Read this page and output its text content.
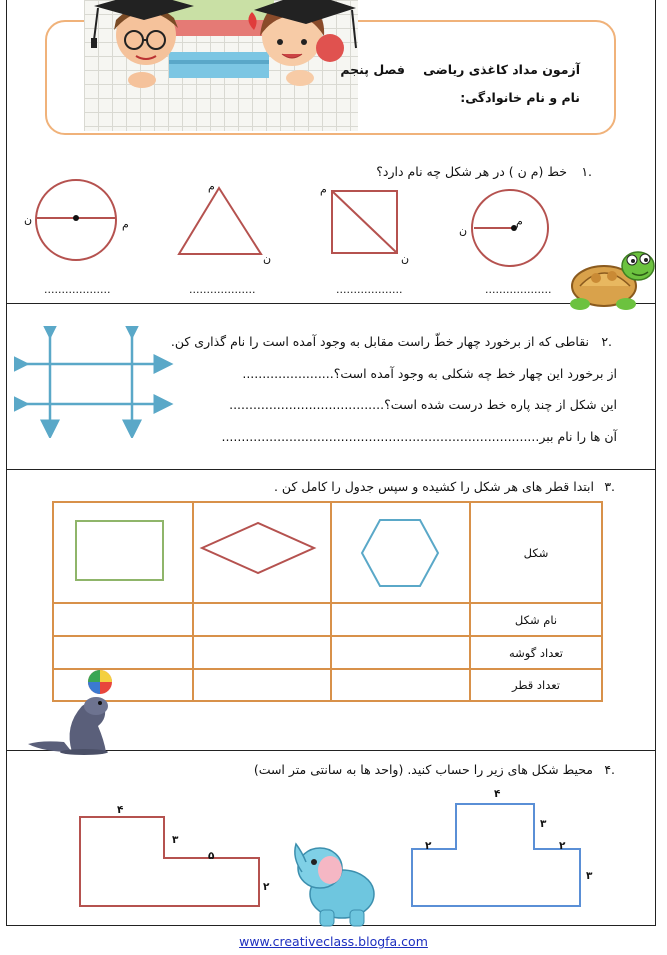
آزمون مداد کاغذی ریاضی
فصل پنجم
نام و نام خانوادگی:
۱.
خط (م ن ) در هر شکل چه نام دارد؟
ن	م
م
ن
م
ن
م
ن
...................	...................	...................	...................
۲.
نقاطی که از برخورد چهار خطّ راست مقابل به وجود آمده است را نام گذاری کن.
از برخورد این چهار خط چه شکلی به وجود آمده است؟.......................
این شکل از چند پاره خط درست شده است؟.......................................
آن ها را نام ببر................................................................................
۳.
ابتدا قطر های هر شکل را کشیده و سپس جدول را کامل کن .
			شکل
			نام شکل
			تعداد گوشه
			تعداد قطر
۴.
محیط شکل های زیر را حساب کنید. (واحد ها به سانتی متر است)
۴
۳
۵
۲
۴
۳
۲	۲
۳
www.creativeclass.blogfa.com
